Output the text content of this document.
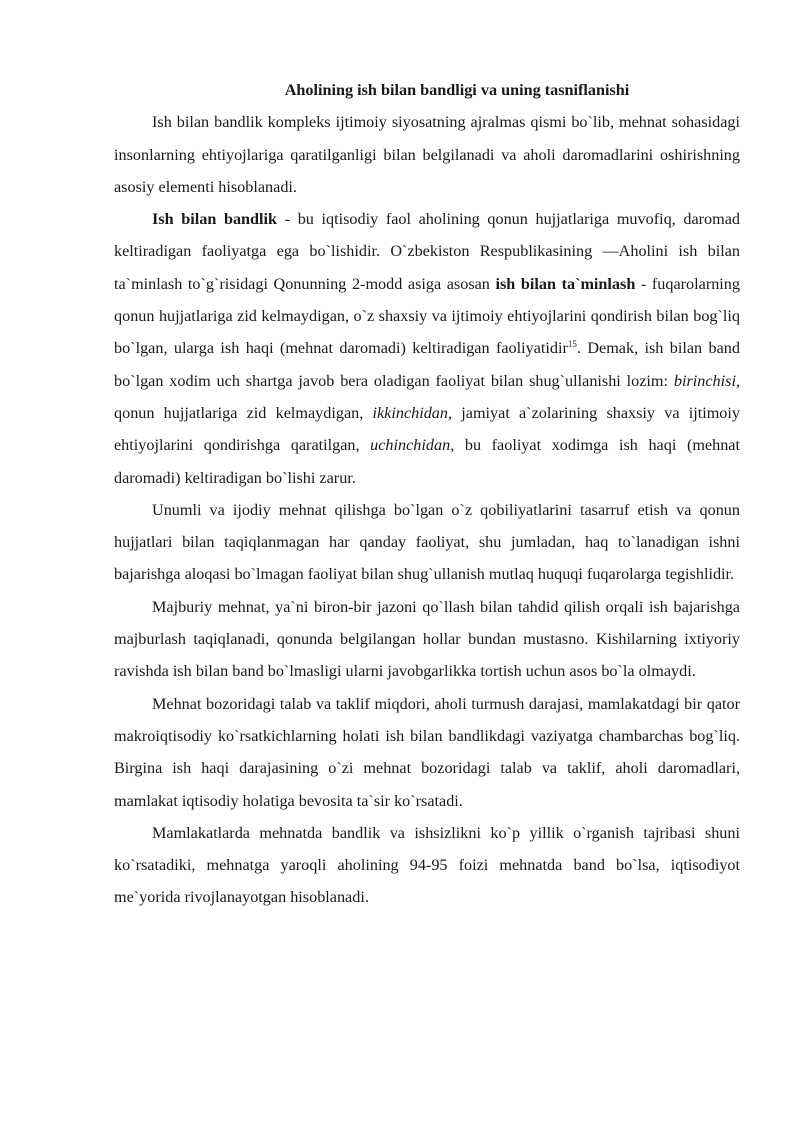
Aholining ish bilan bandligi va uning tasniflanishi

Ish bilan bandlik kompleks ijtimoiy siyosatning ajralmas qismi bo`lib, mehnat sohasidagi insonlarning ehtiyojlariga qaratilganligi bilan belgilanadi va aholi daromadlarini oshirishning asosiy elementi hisoblanadi.

Ish bilan bandlik - bu iqtisodiy faol aholining qonun hujjatlariga muvofiq, daromad keltiradigan faoliyatga ega bo`lishidir. O`zbekiston Respublikasining ―Aholini ish bilan ta`minlash to`g`risidagi Qonunning 2-modd asiga asosan ish bilan ta`minlash - fuqarolarning qonun hujjatlariga zid kelmaydigan, o`z shaxsiy va ijtimoiy ehtiyojlarini qondirish bilan bog`liq bo`lgan, ularga ish haqi (mehnat daromadi) keltiradigan faoliyatidir$^{15}$. Demak, ish bilan band bo`lgan xodim uch shartga javob bera oladigan faoliyat bilan shug`ullanishi lozim: birinchisi, qonun hujjatlariga zid kelmaydigan, ikkinchidan, jamiyat a`zolarining shaxsiy va ijtimoiy ehtiyojlarini qondirishga qaratilgan, uchinchidan, bu faoliyat xodimga ish haqi (mehnat daromadi) keltiradigan bo`lishi zarur.

Unumli va ijodiy mehnat qilishga bo`lgan o`z qobiliyatlarini tasarruf etish va qonun hujjatlari bilan taqiqlanmagan har qanday faoliyat, shu jumladan, haq to`lanadigan ishni bajarishga aloqasi bo`lmagan faoliyat bilan shug`ullanish mutlaq huquqi fuqarolarga tegishlidir.

Majburiy mehnat, ya`ni biron-bir jazoni qo`llash bilan tahdid qilish orqali ish bajarishga majburlash taqiqlanadi, qonunda belgilangan hollar bundan mustasno. Kishilarning ixtiyoriy ravishda ish bilan band bo`lmasligi ularni javobgarlikka tortish uchun asos bo`la olmaydi.

Mehnat bozoridagi talab va taklif miqdori, aholi turmush darajasi, mamlakatdagi bir qator makroiqtisodiy ko`rsatkichlarning holati ish bilan bandlikdagi vaziyatga chambarchas bog`liq. Birgina ish haqi darajasining o`zi mehnat bozoridagi talab va taklif, aholi daromadlari, mamlakat iqtisodiy holatiga bevosita ta`sir ko`rsatadi.

Mamlakatlarda mehnatda bandlik va ishsizlikni ko`p yillik o`rganish tajribasi shuni ko`rsatadiki, mehnatga yaroqli aholining 94-95 foizi mehnatda band bo`lsa, iqtisodiyot me`yorida rivojlanayotgan hisoblanadi.
